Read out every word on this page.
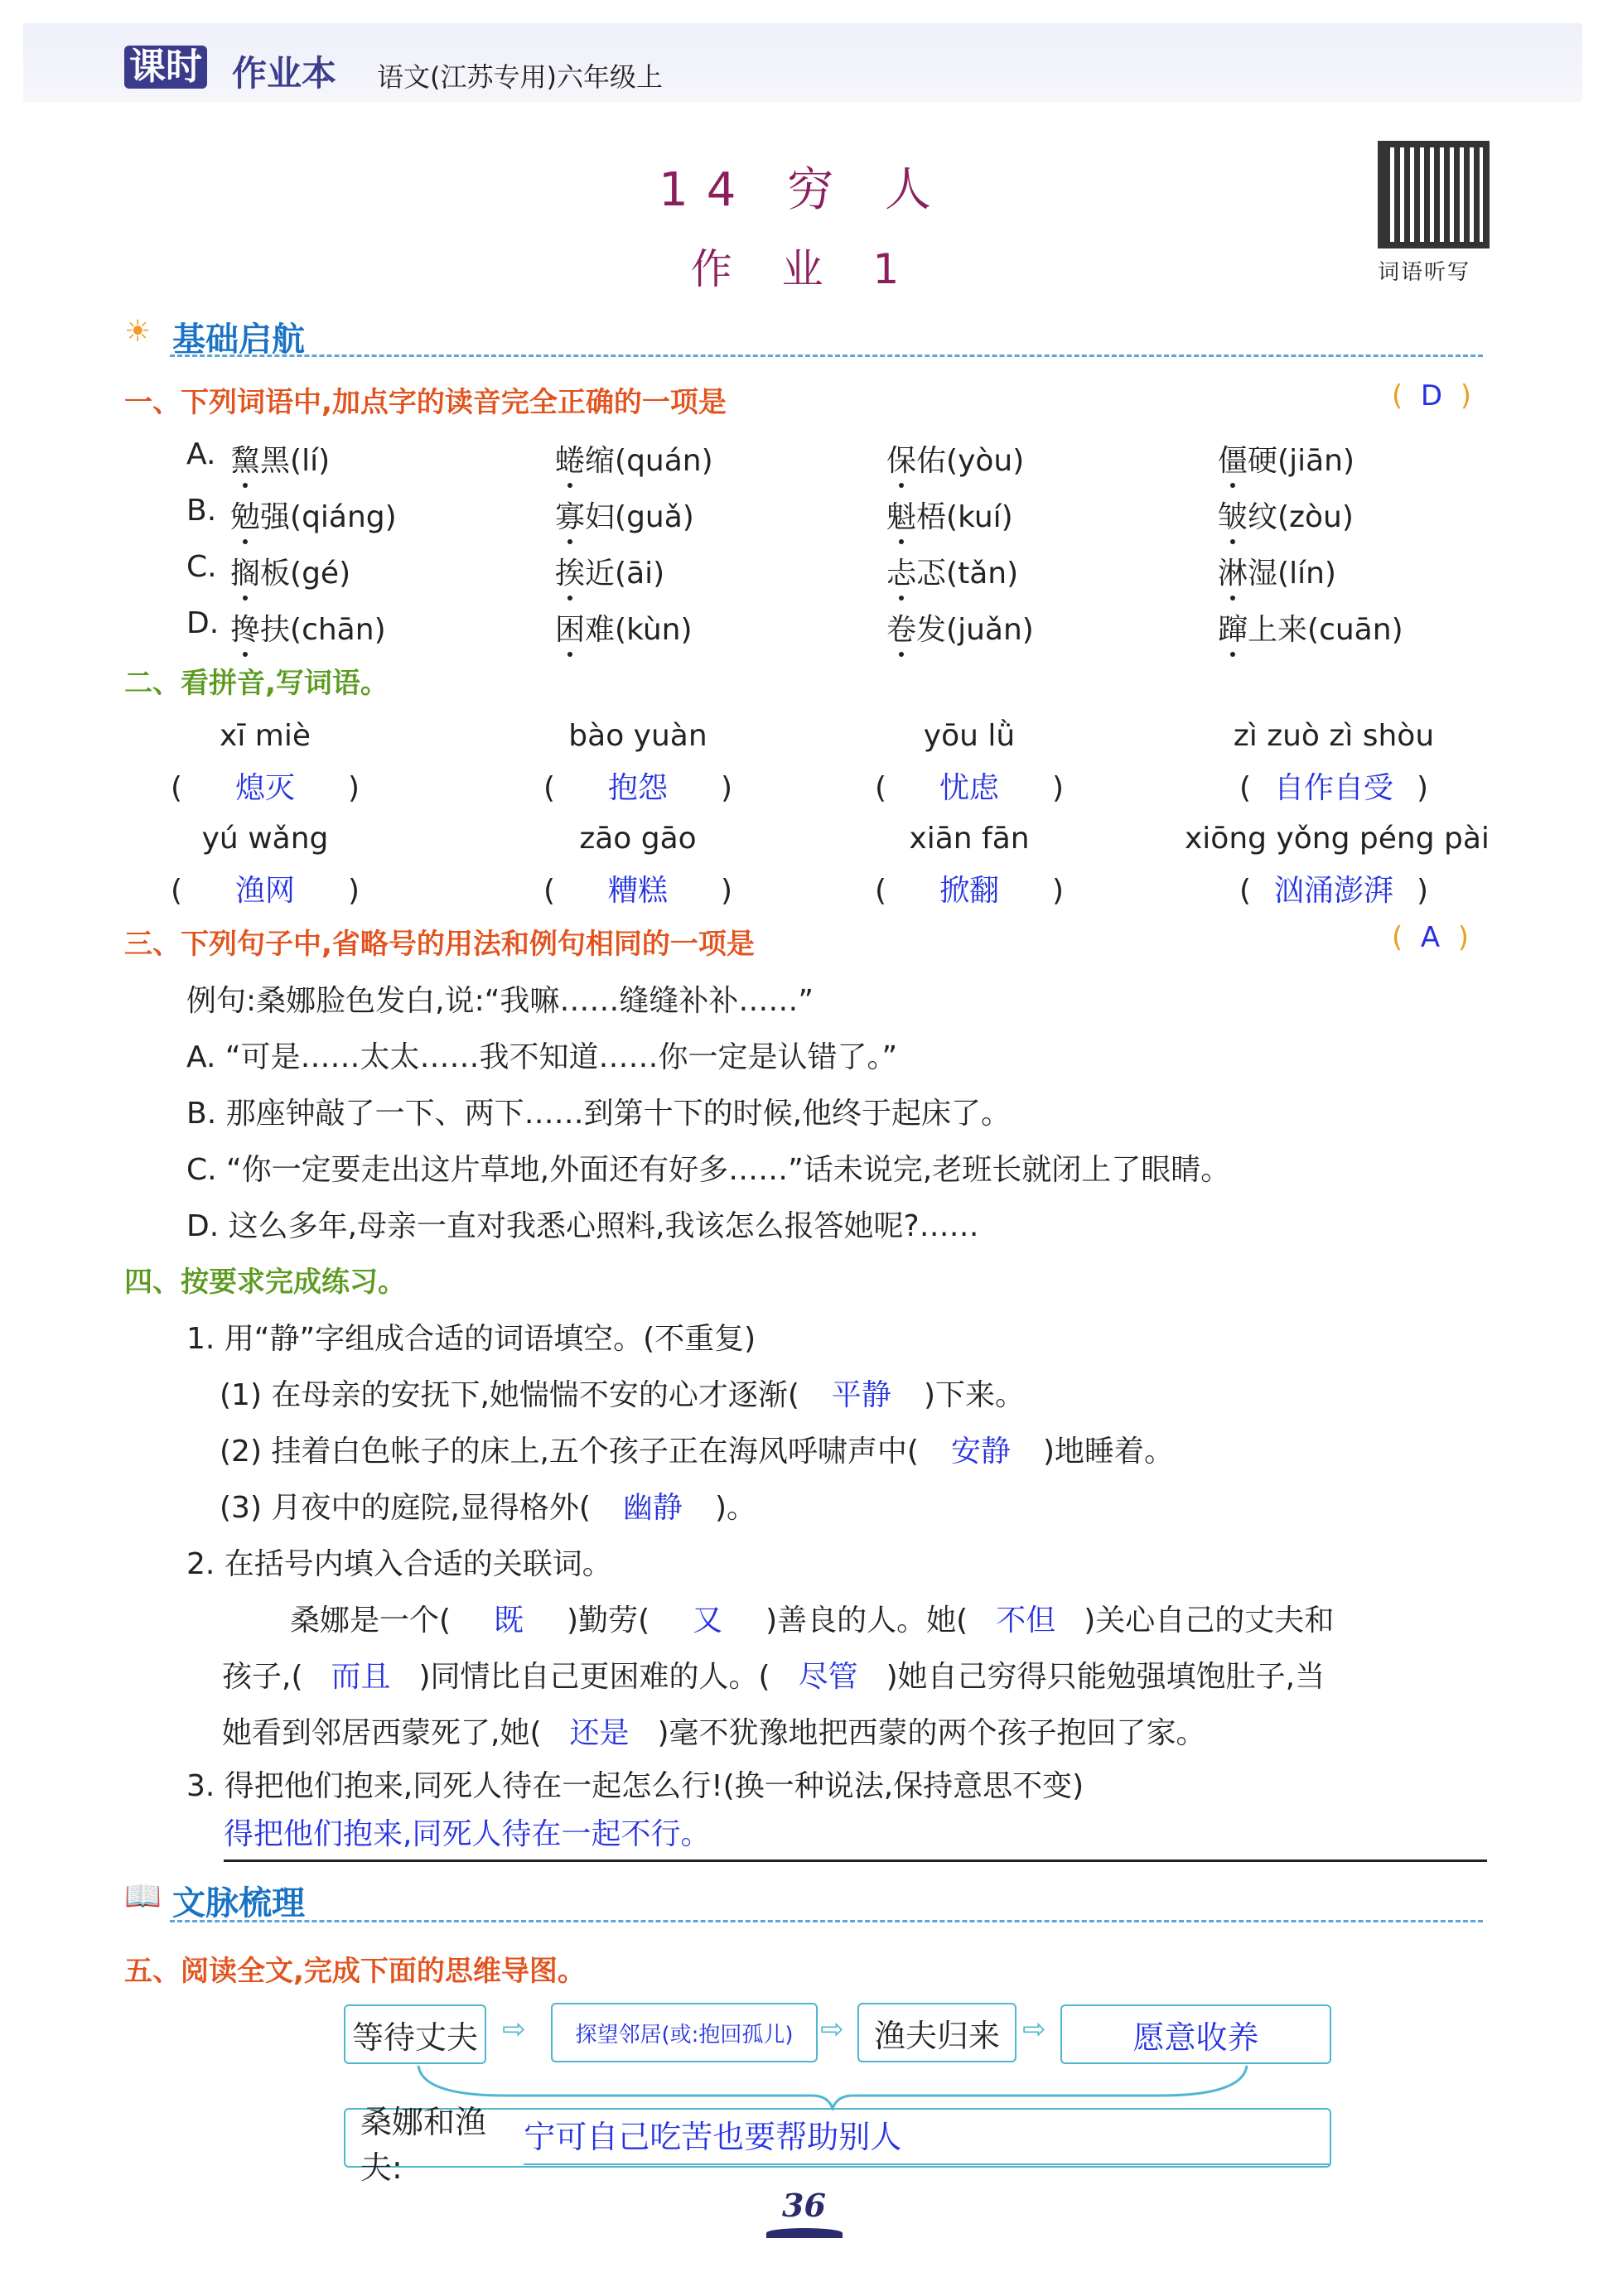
课时 作业本 语文(江苏专用)六年级上
14 穷 人
作 业 1	词语听写
☀ 基础启航
一、下列词语中,加点字的读音完全正确的一项是	(  D  )
A. 黧黑(lí)	蜷缩(quán)	保佑(yòu)	僵硬(jiān)
B. 勉强(qiáng)	寡妇(guǎ)	魁梧(kuí)	皱纹(zòu)
C. 搁板(gé)	挨近(āi)	忐忑(tǎn)	淋湿(lín)
D. 搀扶(chān)	困难(kùn)	卷发(juǎn)	蹿上来(cuān)
二、看拼音,写词语。
xī miè
( 熄灭 )
bào yuàn
( 抱怨 )
yōu lǜ
( 忧虑 )
zì zuò zì shòu
( 自作自受 )
yú wǎng
( 渔网 )
zāo gāo
( 糟糕 )
xiān fān
( 掀翻 )
xiōng yǒng péng pài
( 汹涌澎湃 )
三、下列句子中,省略号的用法和例句相同的一项是	(  A  )
例句:桑娜脸色发白,说:“我嘛……缝缝补补……”
A. “可是……太太……我不知道……你一定是认错了。”
B. 那座钟敲了一下、两下……到第十下的时候,他终于起床了。
C. “你一定要走出这片草地,外面还有好多……”话未说完,老班长就闭上了眼睛。
D. 这么多年,母亲一直对我悉心照料,我该怎么报答她呢?……
四、按要求完成练习。
1. 用“静”字组成合适的词语填空。(不重复)
(1) 在母亲的安抚下,她惴惴不安的心才逐渐( 平静 )下来。
(2) 挂着白色帐子的床上,五个孩子正在海风呼啸声中( 安静 )地睡着。
(3) 月夜中的庭院,显得格外( 幽静 )。
2. 在括号内填入合适的关联词。
桑娜是一个( 既 )勤劳( 又 )善良的人。她( 不但 )关心自己的丈夫和
孩子,( 而且 )同情比自己更困难的人。( 尽管 )她自己穷得只能勉强填饱肚子,当
她看到邻居西蒙死了,她( 还是 )毫不犹豫地把西蒙的两个孩子抱回了家。
3. 得把他们抱来,同死人待在一起怎么行!(换一种说法,保持意思不变)
得把他们抱来,同死人待在一起不行。
📖 文脉梳理
五、阅读全文,完成下面的思维导图。
等待丈夫 ⇨	探望邻居(或:抱回孤儿) ⇨ 渔夫归来 ⇨	愿意收养
桑娜和渔夫:
宁可自己吃苦也要帮助别人
36
